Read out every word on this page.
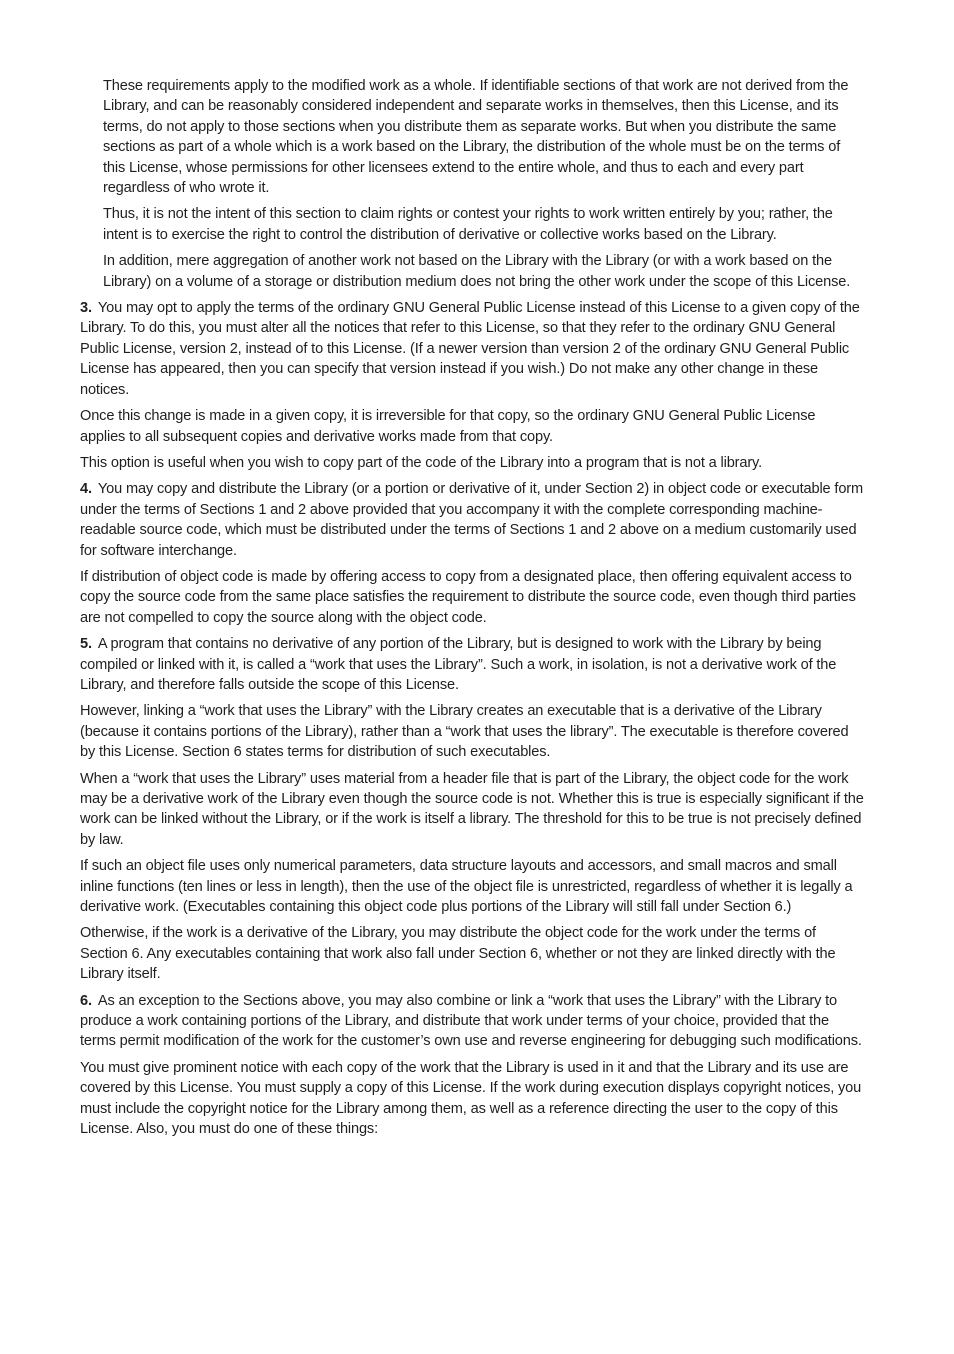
These requirements apply to the modified work as a whole. If identifiable sections of that work are not derived from the Library, and can be reasonably considered independent and separate works in themselves, then this License, and its terms, do not apply to those sections when you distribute them as separate works. But when you distribute the same sections as part of a whole which is a work based on the Library, the distribution of the whole must be on the terms of this License, whose permissions for other licensees extend to the entire whole, and thus to each and every part regardless of who wrote it.

Thus, it is not the intent of this section to claim rights or contest your rights to work written entirely by you; rather, the intent is to exercise the right to control the distribution of derivative or collective works based on the Library.

In addition, mere aggregation of another work not based on the Library with the Library (or with a work based on the Library) on a volume of a storage or distribution medium does not bring the other work under the scope of this License.

3. You may opt to apply the terms of the ordinary GNU General Public License instead of this License to a given copy of the Library. To do this, you must alter all the notices that refer to this License, so that they refer to the ordinary GNU General Public License, version 2, instead of to this License. (If a newer version than version 2 of the ordinary GNU General Public License has appeared, then you can specify that version instead if you wish.) Do not make any other change in these notices.

Once this change is made in a given copy, it is irreversible for that copy, so the ordinary GNU General Public License applies to all subsequent copies and derivative works made from that copy.

This option is useful when you wish to copy part of the code of the Library into a program that is not a library.

4. You may copy and distribute the Library (or a portion or derivative of it, under Section 2) in object code or executable form under the terms of Sections 1 and 2 above provided that you accompany it with the complete corresponding machine-readable source code, which must be distributed under the terms of Sections 1 and 2 above on a medium customarily used for software interchange.

If distribution of object code is made by offering access to copy from a designated place, then offering equivalent access to copy the source code from the same place satisfies the requirement to distribute the source code, even though third parties are not compelled to copy the source along with the object code.

5. A program that contains no derivative of any portion of the Library, but is designed to work with the Library by being compiled or linked with it, is called a “work that uses the Library”. Such a work, in isolation, is not a derivative work of the Library, and therefore falls outside the scope of this License.

However, linking a “work that uses the Library” with the Library creates an executable that is a derivative of the Library (because it contains portions of the Library), rather than a “work that uses the library”. The executable is therefore covered by this License. Section 6 states terms for distribution of such executables.

When a “work that uses the Library” uses material from a header file that is part of the Library, the object code for the work may be a derivative work of the Library even though the source code is not. Whether this is true is especially significant if the work can be linked without the Library, or if the work is itself a library. The threshold for this to be true is not precisely defined by law.

If such an object file uses only numerical parameters, data structure layouts and accessors, and small macros and small inline functions (ten lines or less in length), then the use of the object file is unrestricted, regardless of whether it is legally a derivative work. (Executables containing this object code plus portions of the Library will still fall under Section 6.)

Otherwise, if the work is a derivative of the Library, you may distribute the object code for the work under the terms of Section 6. Any executables containing that work also fall under Section 6, whether or not they are linked directly with the Library itself.

6. As an exception to the Sections above, you may also combine or link a “work that uses the Library” with the Library to produce a work containing portions of the Library, and distribute that work under terms of your choice, provided that the terms permit modification of the work for the customer’s own use and reverse engineering for debugging such modifications.

You must give prominent notice with each copy of the work that the Library is used in it and that the Library and its use are covered by this License. You must supply a copy of this License. If the work during execution displays copyright notices, you must include the copyright notice for the Library among them, as well as a reference directing the user to the copy of this License. Also, you must do one of these things:
